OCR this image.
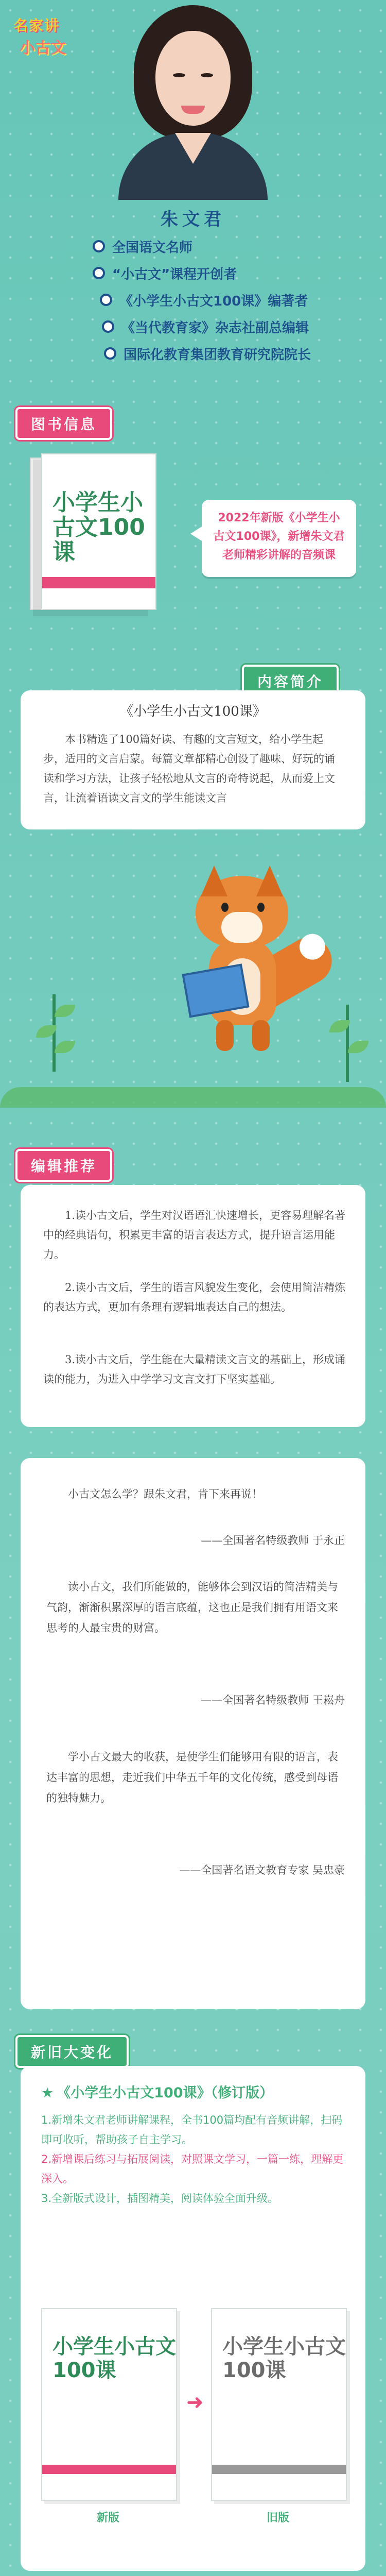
名家讲
小古文
朱文君
全国语文名师
“小古文”课程开创者
《小学生小古文100课》编著者
《当代教育家》杂志社副总编辑
国际化教育集团教育研究院院长
图书信息
小学生小古文100课
2022年新版《小学生小古文100课》，新增朱文君老师精彩讲解的音频课
内容简介
《小学生小古文100课》
本书精选了100篇好读、有趣的文言短文，给小学生起步，适用的文言启蒙。每篇文章都精心创设了趣味、好玩的诵读和学习方法，让孩子轻松地从文言的奇特说起，从而爱上文言，让流着语读文言文的学生能读文言
编辑推荐

1.读小古文后，学生对汉语语汇快速增长，更容易理解名著中的经典语句，积累更丰富的语言表达方式，提升语言运用能力。

2.读小古文后，学生的语言风貌发生变化，会使用简洁精炼的表达方式，更加有条理有逻辑地表达自己的想法。

3.读小古文后，学生能在大量精读文言文的基础上，形成诵读的能力，为进入中学学习文言文打下坚实基础。

小古文怎么学？跟朱文君，肯下来再说！
——全国著名特级教师 于永正
读小古文，我们所能做的，能够体会到汉语的简洁精美与气韵，渐渐积累深厚的语言底蕴，这也正是我们拥有用语文来思考的人最宝贵的财富。
——全国著名特级教师 王崧舟
学小古文最大的收获，是使学生们能够用有限的语言，表达丰富的思想，走近我们中华五千年的文化传统，感受到母语的独特魅力。
——全国著名语文教育专家 吴忠豪
新旧大变化
★ 《小学生小古文100课》（修订版）
1.新增朱文君老师讲解课程，全书100篇均配有音频讲解，扫码即可收听，帮助孩子自主学习。
2.新增课后练习与拓展阅读，对照课文学习，一篇一练，理解更深入。
3.全新版式设计，插图精美，阅读体验全面升级。
小学生小古文100课
➜
小学生小古文100课
新版	旧版
